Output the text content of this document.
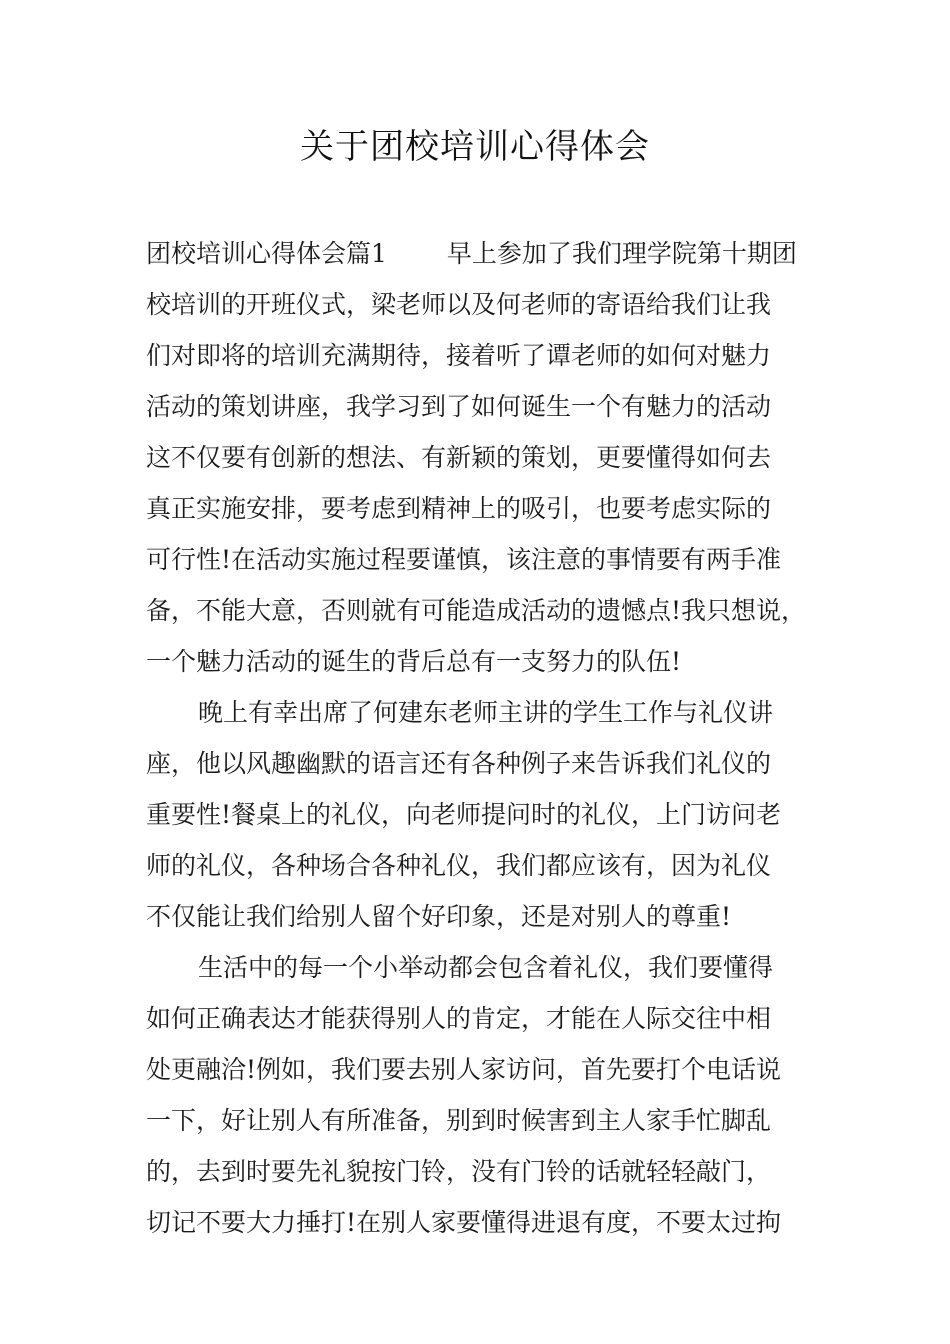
关于团校培训心得体会
团校培训心得体会篇1 早上参加了我们理学院第十期团
校培训的开班仪式，梁老师以及何老师的寄语给我们让我
们对即将的培训充满期待，接着听了谭老师的如何对魅力
活动的策划讲座，我学习到了如何诞生一个有魅力的活动
这不仅要有创新的想法、有新颖的策划，更要懂得如何去
真正实施安排，要考虑到精神上的吸引，也要考虑实际的
可行性!在活动实施过程要谨慎，该注意的事情要有两手准
备，不能大意，否则就有可能造成活动的遗憾点!我只想说，
一个魅力活动的诞生的背后总有一支努力的队伍!
晚上有幸出席了何建东老师主讲的学生工作与礼仪讲
座，他以风趣幽默的语言还有各种例子来告诉我们礼仪的
重要性!餐桌上的礼仪，向老师提问时的礼仪，上门访问老
师的礼仪，各种场合各种礼仪，我们都应该有，因为礼仪
不仅能让我们给别人留个好印象，还是对别人的尊重!
生活中的每一个小举动都会包含着礼仪，我们要懂得
如何正确表达才能获得别人的肯定，才能在人际交往中相
处更融洽!例如，我们要去别人家访问，首先要打个电话说
一下，好让别人有所准备，别到时候害到主人家手忙脚乱
的，去到时要先礼貌按门铃，没有门铃的话就轻轻敲门，
切记不要大力捶打!在别人家要懂得进退有度，不要太过拘
